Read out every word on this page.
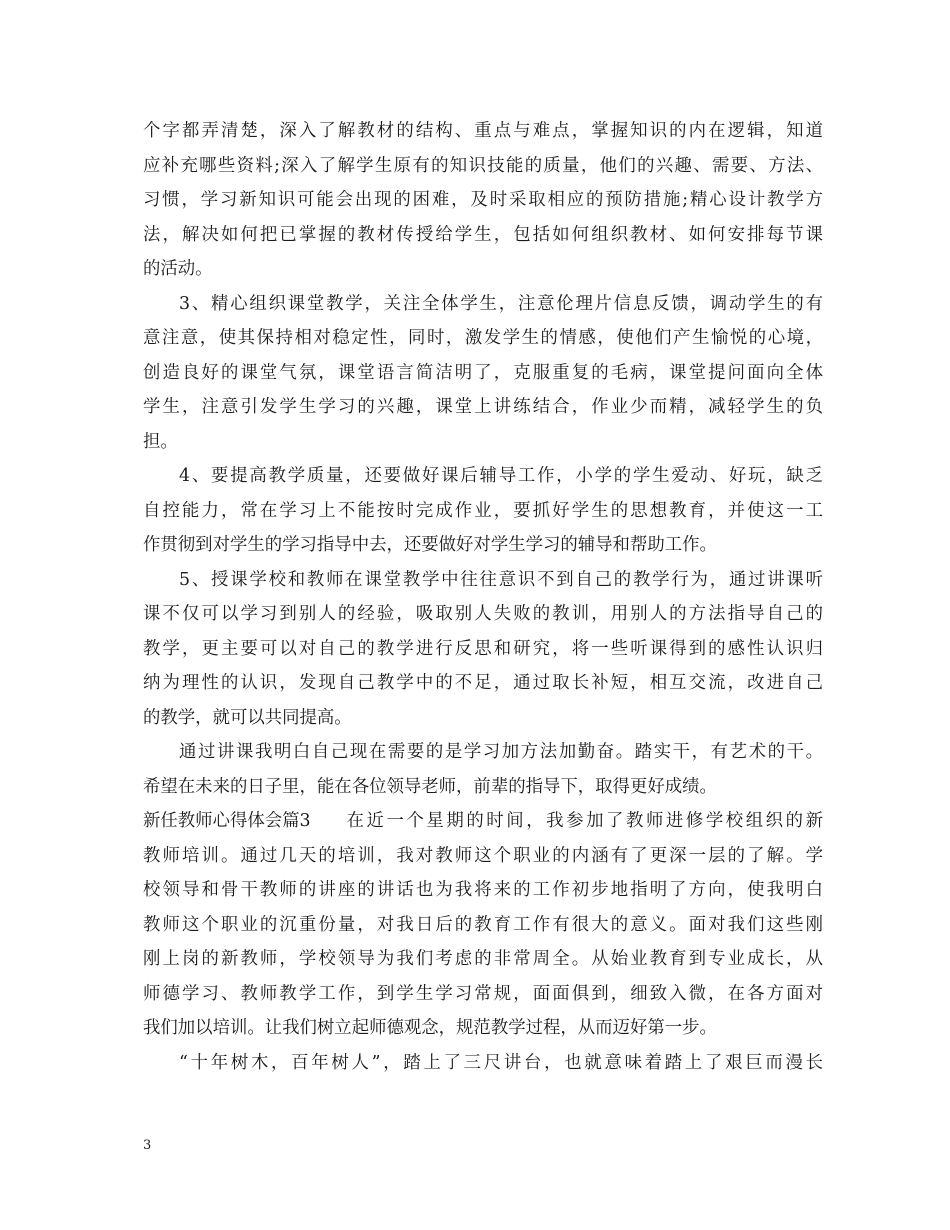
个字都弄清楚，深入了解教材的结构、重点与难点，掌握知识的内在逻辑，知道
应补充哪些资料;深入了解学生原有的知识技能的质量，他们的兴趣、需要、方法、
习惯，学习新知识可能会出现的困难，及时采取相应的预防措施;精心设计教学方
法，解决如何把已掌握的教材传授给学生，包括如何组织教材、如何安排每节课
的活动。
3、精心组织课堂教学，关注全体学生，注意伦理片信息反馈，调动学生的有
意注意，使其保持相对稳定性，同时，激发学生的情感，使他们产生愉悦的心境，
创造良好的课堂气氛，课堂语言简洁明了，克服重复的毛病，课堂提问面向全体
学生，注意引发学生学习的兴趣，课堂上讲练结合，作业少而精，减轻学生的负
担。
4、要提高教学质量，还要做好课后辅导工作，小学的学生爱动、好玩，缺乏
自控能力，常在学习上不能按时完成作业，要抓好学生的思想教育，并使这一工
作贯彻到对学生的学习指导中去，还要做好对学生学习的辅导和帮助工作。
5、授课学校和教师在课堂教学中往往意识不到自己的教学行为，通过讲课听
课不仅可以学习到别人的经验，吸取别人失败的教训，用别人的方法指导自己的
教学，更主要可以对自己的教学进行反思和研究，将一些听课得到的感性认识归
纳为理性的认识，发现自己教学中的不足，通过取长补短，相互交流，改进自己
的教学，就可以共同提高。
通过讲课我明白自己现在需要的是学习加方法加勤奋。踏实干，有艺术的干。
希望在未来的日子里，能在各位领导老师，前辈的指导下，取得更好成绩。
新任教师心得体会篇3 在近一个星期的时间，我参加了教师进修学校组织的新
教师培训。通过几天的培训，我对教师这个职业的内涵有了更深一层的了解。学
校领导和骨干教师的讲座的讲话也为我将来的工作初步地指明了方向，使我明白
教师这个职业的沉重份量，对我日后的教育工作有很大的意义。面对我们这些刚
刚上岗的新教师，学校领导为我们考虑的非常周全。从始业教育到专业成长，从
师德学习、教师教学工作，到学生学习常规，面面俱到，细致入微，在各方面对
我们加以培训。让我们树立起师德观念，规范教学过程，从而迈好第一步。
“十年树木，百年树人”，踏上了三尺讲台，也就意味着踏上了艰巨而漫长
3
